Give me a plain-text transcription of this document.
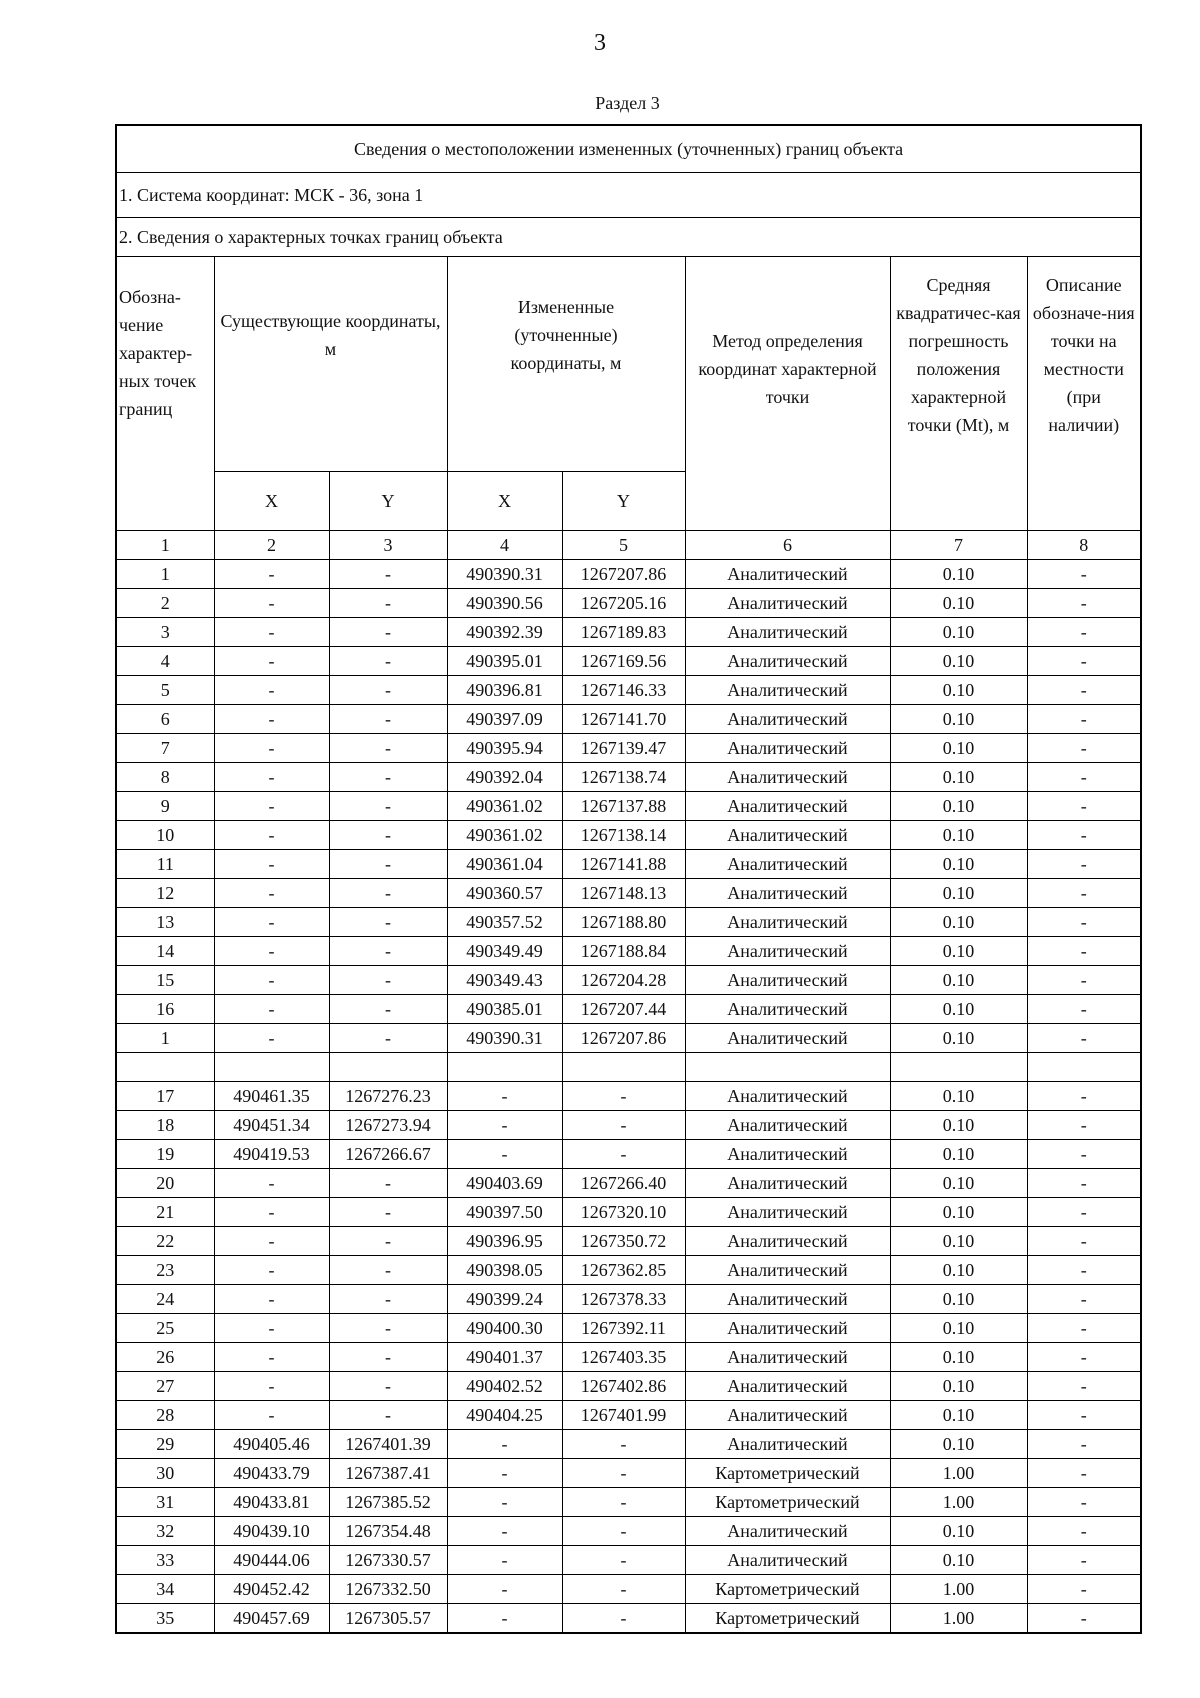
3
Раздел 3
Сведения о местоположении измененных (уточненных) границ объекта							
1. Система координат: МСК - 36, зона 1							
2. Сведения о характерных точках границ объекта							
Обозна-чение характер-ных точек границ	Существующие координаты, м		Измененные (уточненные) координаты, м		Метод определения координат характерной точки	Средняя квадратичес-кая погрешность положения характерной точки (Mt), м	Описание обозначе-ния точки на местности (при наличии)
	X	Y	X	Y			
1	2	3	4	5	6	7	8
1	-	-	490390.31	1267207.86	Аналитический	0.10	-
2	-	-	490390.56	1267205.16	Аналитический	0.10	-
3	-	-	490392.39	1267189.83	Аналитический	0.10	-
4	-	-	490395.01	1267169.56	Аналитический	0.10	-
5	-	-	490396.81	1267146.33	Аналитический	0.10	-
6	-	-	490397.09	1267141.70	Аналитический	0.10	-
7	-	-	490395.94	1267139.47	Аналитический	0.10	-
8	-	-	490392.04	1267138.74	Аналитический	0.10	-
9	-	-	490361.02	1267137.88	Аналитический	0.10	-
10	-	-	490361.02	1267138.14	Аналитический	0.10	-
11	-	-	490361.04	1267141.88	Аналитический	0.10	-
12	-	-	490360.57	1267148.13	Аналитический	0.10	-
13	-	-	490357.52	1267188.80	Аналитический	0.10	-
14	-	-	490349.49	1267188.84	Аналитический	0.10	-
15	-	-	490349.43	1267204.28	Аналитический	0.10	-
16	-	-	490385.01	1267207.44	Аналитический	0.10	-
1	-	-	490390.31	1267207.86	Аналитический	0.10	-

17	490461.35	1267276.23	-	-	Аналитический	0.10	-
18	490451.34	1267273.94	-	-	Аналитический	0.10	-
19	490419.53	1267266.67	-	-	Аналитический	0.10	-
20	-	-	490403.69	1267266.40	Аналитический	0.10	-
21	-	-	490397.50	1267320.10	Аналитический	0.10	-
22	-	-	490396.95	1267350.72	Аналитический	0.10	-
23	-	-	490398.05	1267362.85	Аналитический	0.10	-
24	-	-	490399.24	1267378.33	Аналитический	0.10	-
25	-	-	490400.30	1267392.11	Аналитический	0.10	-
26	-	-	490401.37	1267403.35	Аналитический	0.10	-
27	-	-	490402.52	1267402.86	Аналитический	0.10	-
28	-	-	490404.25	1267401.99	Аналитический	0.10	-
29	490405.46	1267401.39	-	-	Аналитический	0.10	-
30	490433.79	1267387.41	-	-	Картометрический	1.00	-
31	490433.81	1267385.52	-	-	Картометрический	1.00	-
32	490439.10	1267354.48	-	-	Аналитический	0.10	-
33	490444.06	1267330.57	-	-	Аналитический	0.10	-
34	490452.42	1267332.50	-	-	Картометрический	1.00	-
35	490457.69	1267305.57	-	-	Картометрический	1.00	-
